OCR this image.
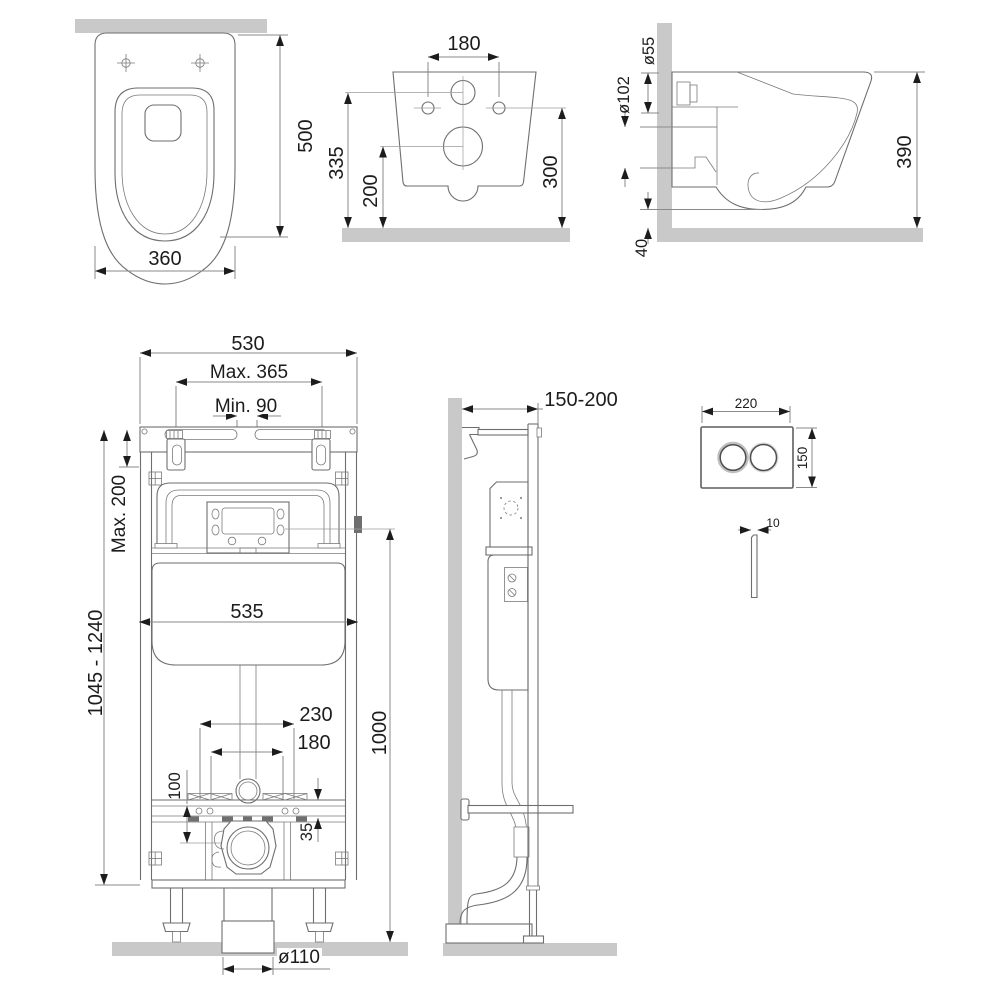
500
360
180
335
200
300
ø55
ø102
390
40
530
Max. 365
Min. 90
Max. 200
1045 - 1240	535
1000
230
180
100
35
ø110
150-200	220
150
10
